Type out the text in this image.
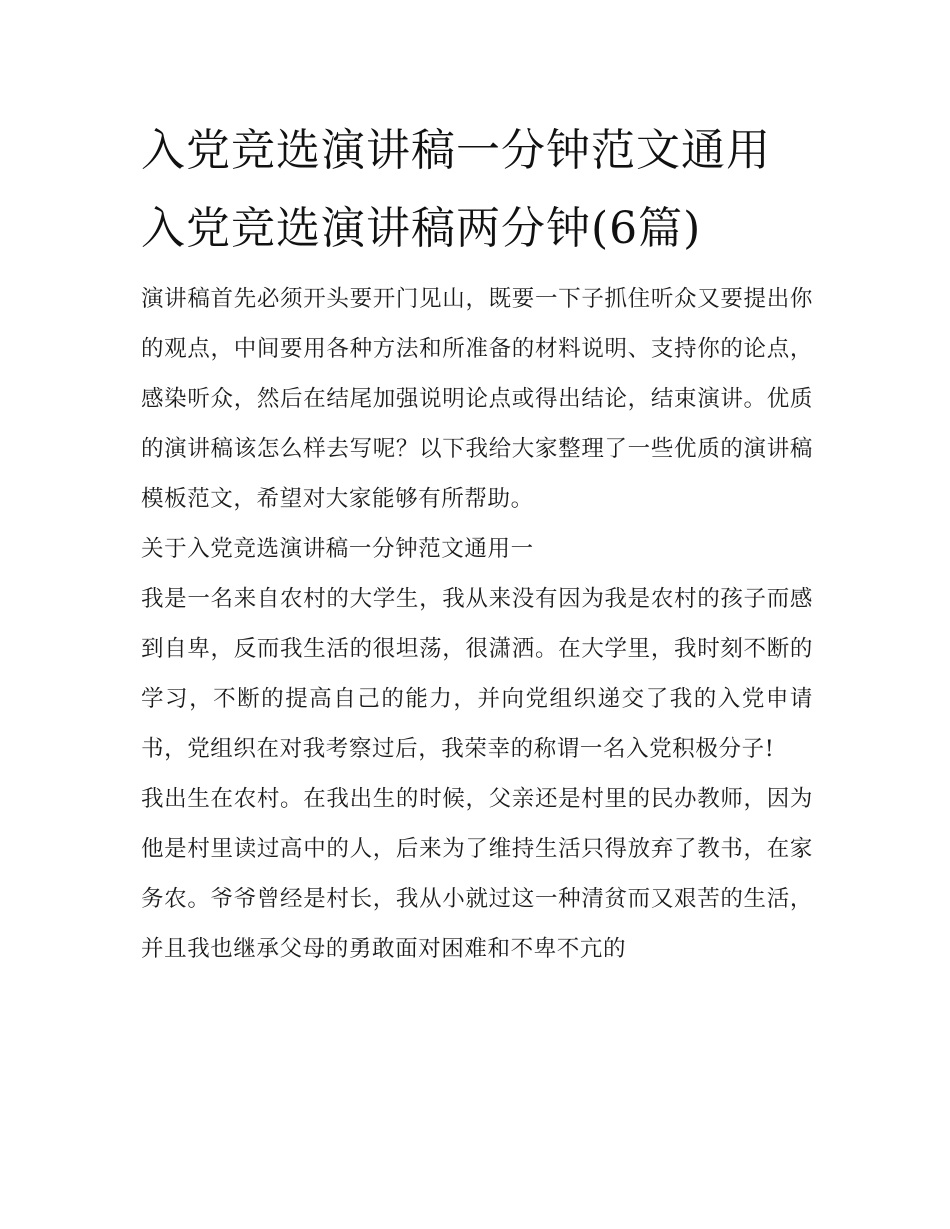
入党竞选演讲稿一分钟范文通用 入党竞选演讲稿两分钟(6篇)

演讲稿首先必须开头要开门见山，既要一下子抓住听众又要提出你的观点，中间要用各种方法和所准备的材料说明、支持你的论点，感染听众，然后在结尾加强说明论点或得出结论，结束演讲。优质的演讲稿该怎么样去写呢？以下我给大家整理了一些优质的演讲稿模板范文，希望对大家能够有所帮助。

关于入党竞选演讲稿一分钟范文通用一

我是一名来自农村的大学生，我从来没有因为我是农村的孩子而感到自卑，反而我生活的很坦荡，很潇洒。在大学里，我时刻不断的学习，不断的提高自己的能力，并向党组织递交了我的入党申请书，党组织在对我考察过后，我荣幸的称谓一名入党积极分子!

我出生在农村。在我出生的时候，父亲还是村里的民办教师，因为他是村里读过高中的人，后来为了维持生活只得放弃了教书，在家务农。爷爷曾经是村长，我从小就过这一种清贫而又艰苦的生活，并且我也继承父母的勇敢面对困难和不卑不亢的
